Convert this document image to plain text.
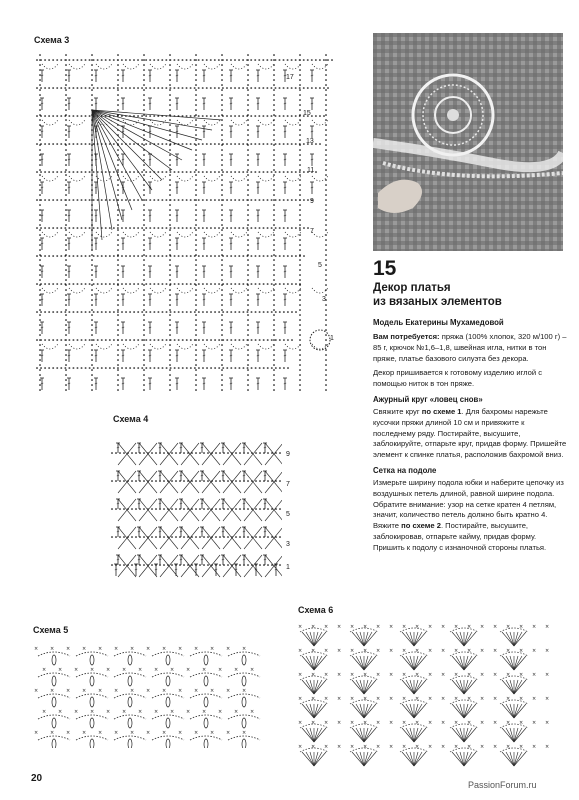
Схема 3
17
15
13
11
9
7
5
3
1
15
Декор платья
из вязаных элементов
Модель Екатерины Мухамедовой

Вам потребуется: пряжа (100% хлопок, 320 м/100 г) – 85 г, крючок №1,6–1,8, швейная игла, нитки в тон пряже, платье базового силуэта без декора.

Декор пришивается к готовому изделию иглой с помощью ниток в тон пряже.

Ажурный круг «ловец снов»

Свяжите круг по схеме 1. Для бахромы нарежьте кусочки пряжи длиной 10 см и привяжите к последнему ряду. Постирайте, высушите, заблокируйте, отпарьте круг, придав форму. Пришейте элемент к спинке платья, расположив бахромой вниз.

Сетка на подоле

Измерьте ширину подола юбки и наберите цепочку из воздушных петель длиной, равной ширине подола. Обратите внимание: узор на сетке кратен 4 петлям, значит, количество петель должно быть кратно 4. Вяжите по схеме 2. Постирайте, высушите, заблокировав, отпарьте кайму, придав форму. Пришить к подолу с изнаночной стороны платья.

Схема 4
9
7
5
3
1
Схема 6
× × × × × × × × × × × × × × × × × × × ×
× × × × × × × × × × × × × × × × × × × ×
× × × × × × × × × × × × × × × × × × × ×
× × × × × × × × × × × × × × × × × × × ×
× × × × × × × × × × × × × × × × × × × ×
× × × × × × × × × × × × × × × × × × × ×
Схема 5
× × × × × × × × × × × × × ×
× × × × × × × × × × × × × ×
× × × × × × × × × × × × × ×
× × × × × × × × × × × × × ×
× × × × × × × × × × × × × ×
20
PassionForum.ru
